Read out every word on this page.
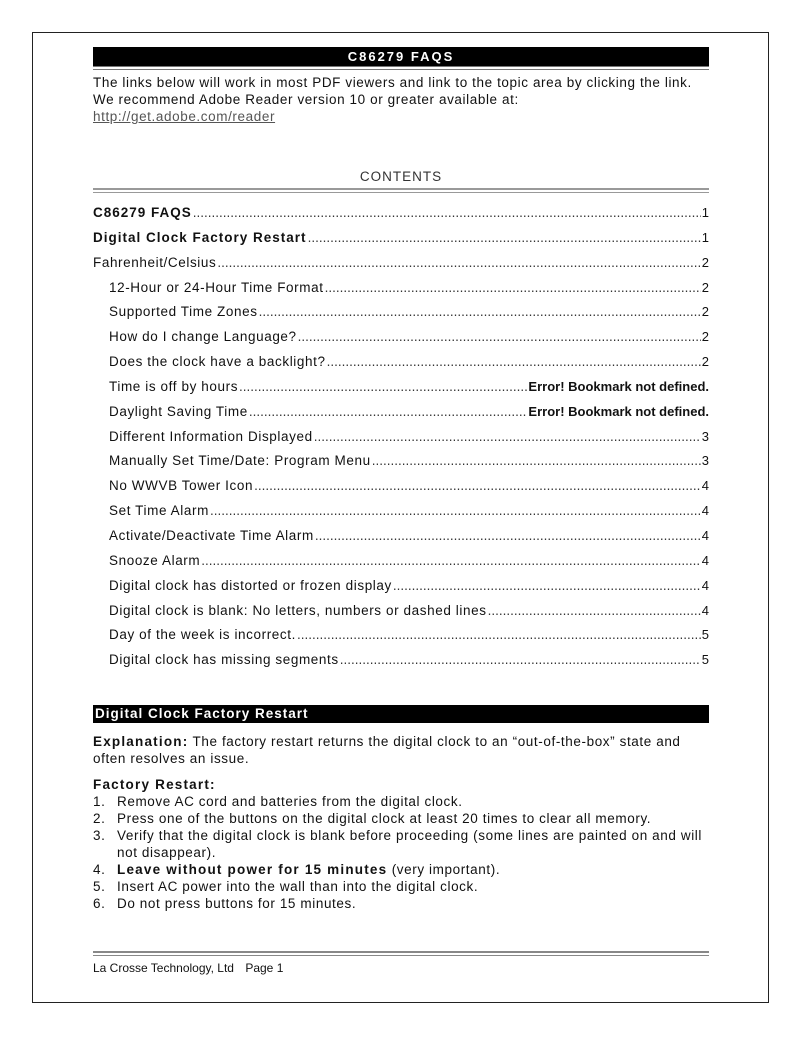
C86279 FAQS
The links below will work in most PDF viewers and link to the topic area by clicking the link. We recommend Adobe Reader version 10 or greater available at:
http://get.adobe.com/reader
CONTENTS
C86279 FAQS .....	1
Digital Clock Factory Restart .....	1
Fahrenheit/Celsius .....	2
12-Hour or 24-Hour Time Format .....	2
Supported Time Zones .....	2
How do I change Language? .....	2
Does the clock have a backlight? .....	2
Time is off by hours .....	Error! Bookmark not defined.
Daylight Saving Time .....	Error! Bookmark not defined.
Different Information Displayed .....	3
Manually Set Time/Date: Program Menu .....	3
No WWVB Tower Icon .....	4
Set Time Alarm .....	4
Activate/Deactivate Time Alarm .....	4
Snooze Alarm .....	4
Digital clock has distorted or frozen display .....	4
Digital clock is blank: No letters, numbers or dashed lines .....	4
Day of the week is incorrect. .....	5
Digital clock has missing segments .....	5
Digital Clock Factory Restart
Explanation: The factory restart returns the digital clock to an “out-of-the-box” state and often resolves an issue.
Factory Restart:
1. Remove AC cord and batteries from the digital clock.
2. Press one of the buttons on the digital clock at least 20 times to clear all memory.
3. Verify that the digital clock is blank before proceeding (some lines are painted on and will not disappear).
4. Leave without power for 15 minutes (very important).
5. Insert AC power into the wall than into the digital clock.
6. Do not press buttons for 15 minutes.
La Crosse Technology, Ltd Page 1
